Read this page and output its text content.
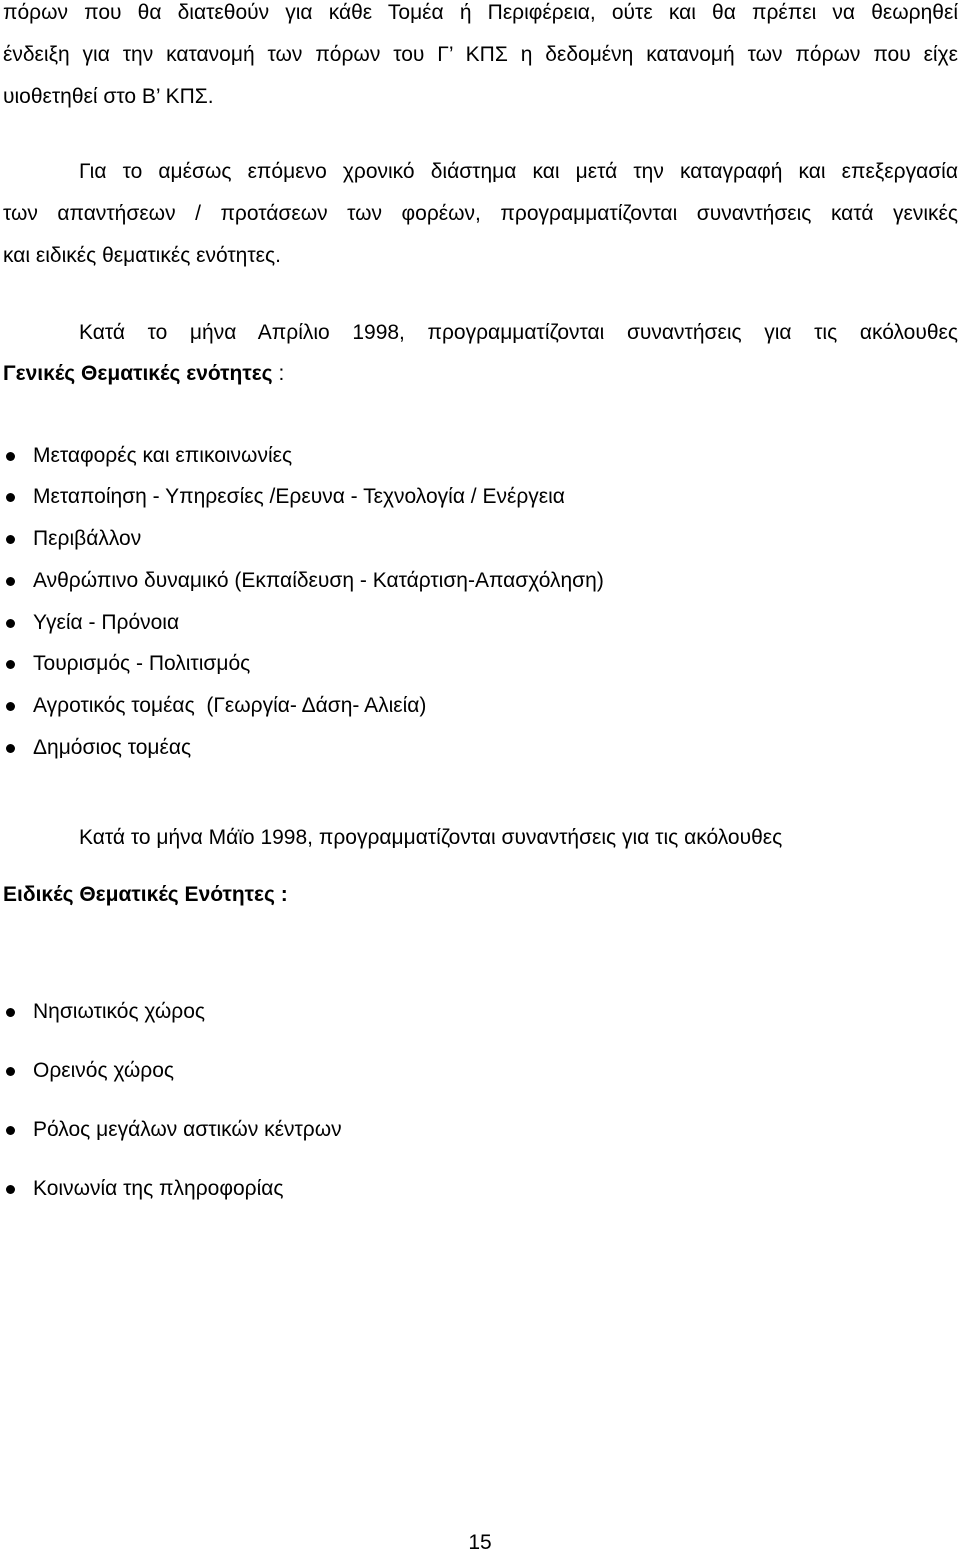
πόρων που θα διατεθούν για κάθε Τομέα ή Περιφέρεια, ούτε και θα πρέπει να θεωρηθεί
ένδειξη για την κατανομή των πόρων του Γ’ ΚΠΣ η δεδομένη κατανομή των πόρων που είχε
υιοθετηθεί στο Β’ ΚΠΣ.
Για το αμέσως επόμενο χρονικό διάστημα και μετά την καταγραφή και επεξεργασία
των απαντήσεων / προτάσεων των φορέων, προγραμματίζονται συναντήσεις κατά γενικές
και ειδικές θεματικές ενότητες.
Κατά το μήνα Απρίλιο 1998, προγραμματίζονται συναντήσεις για τις ακόλουθες
Γενικές Θεματικές ενότητες :
Μεταφορές και επικοινωνίες
Μεταποίηση - Υπηρεσίες /Ερευνα - Τεχνολογία / Ενέργεια
Περιβάλλον
Ανθρώπινο δυναμικό (Εκπαίδευση - Κατάρτιση-Απασχόληση)
Υγεία - Πρόνοια
Τουρισμός - Πολιτισμός
Αγροτικός τομέας  (Γεωργία- Δάση- Αλιεία)
Δημόσιος τομέας
Κατά το μήνα Μάϊο 1998, προγραμματίζονται συναντήσεις για τις ακόλουθες
Ειδικές Θεματικές Ενότητες :
Νησιωτικός χώρος
Ορεινός χώρος
Ρόλος μεγάλων αστικών κέντρων
Κοινωνία της πληροφορίας
15
